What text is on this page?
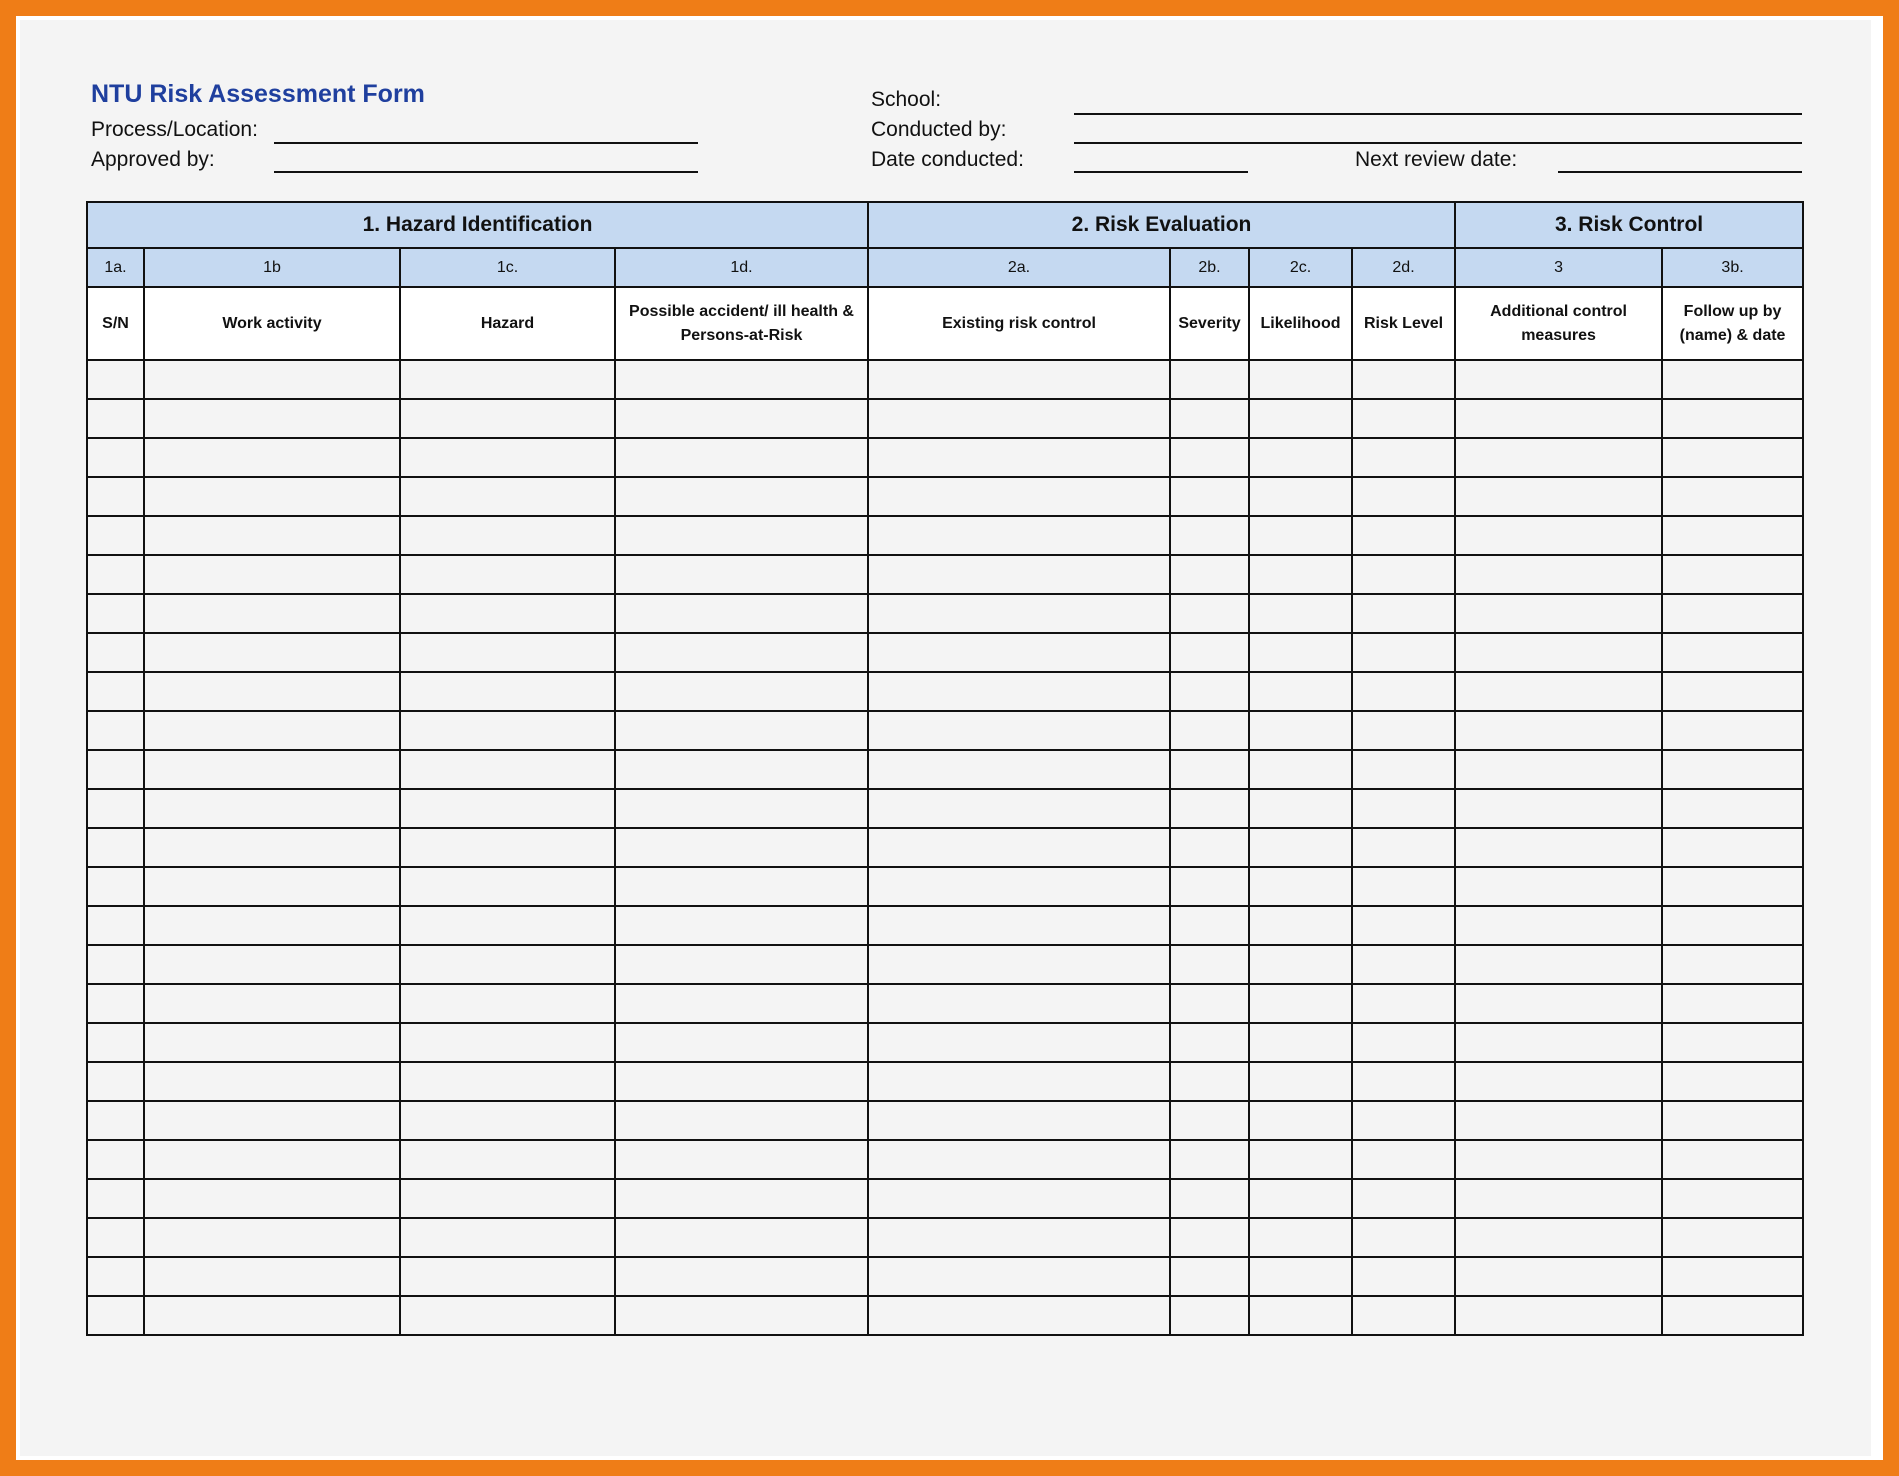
NTU Risk Assessment Form
Process/Location:
Approved by:
School:
Conducted by:
Date conducted:	Next review date:
1. Hazard Identification				2. Risk Evaluation				3. Risk Control	
1a.	1b	1c.	1d.	2a.	2b.	2c.	2d.	3	3b.
S/N	Work activity	Hazard	Possible accident/ ill health & Persons-at-Risk	Existing risk control	Severity	Likelihood	Risk Level	Additional control measures	Follow up by (name) & date
